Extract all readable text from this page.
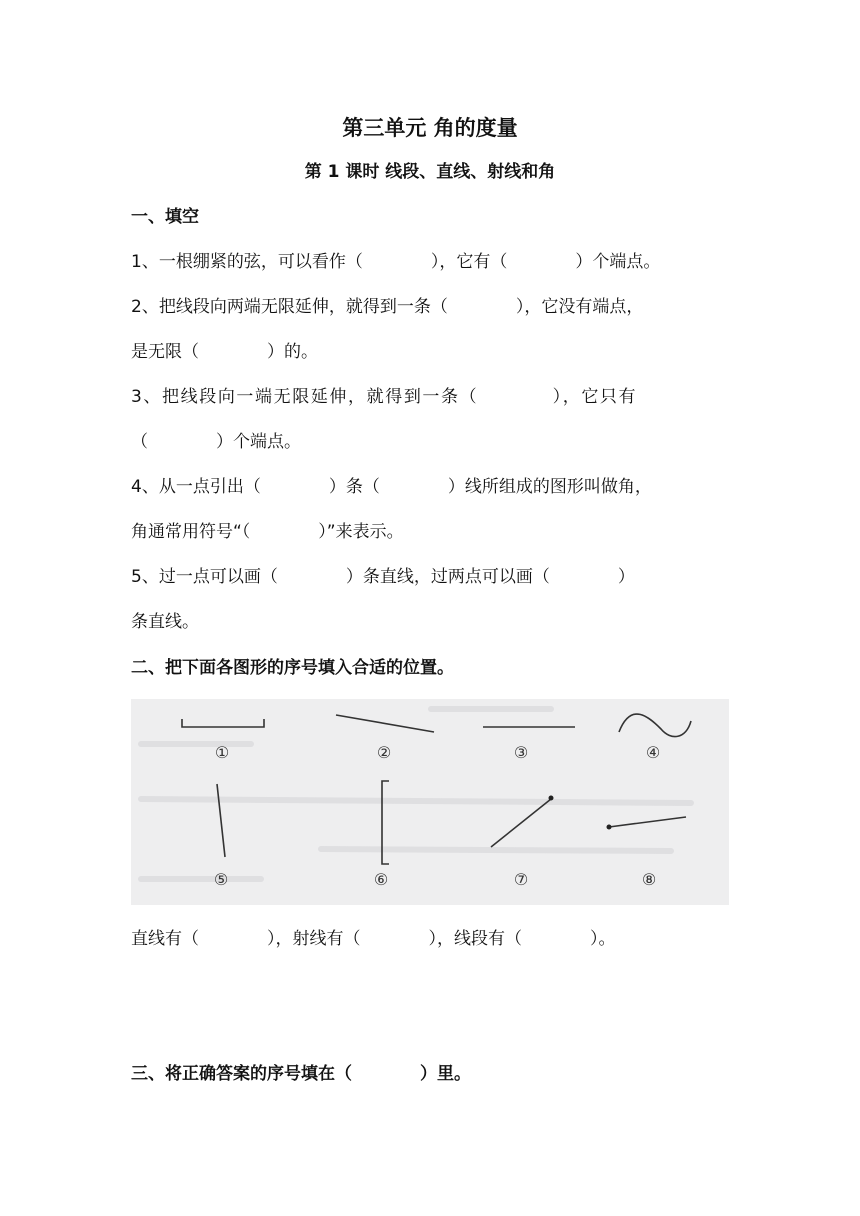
第三单元 角的度量
第 1 课时 线段、直线、射线和角
一、填空
1、一根绷紧的弦，可以看作（　　　　），它有（　　　　）个端点。
2、把线段向两端无限延伸，就得到一条（　　　　），它没有端点，
是无限（　　　　）的。
3、把线段向一端无限延伸，就得到一条（　　　　），它只有
（　　　　）个端点。
4、从一点引出（　　　　）条（　　　　）线所组成的图形叫做角，
角通常用符号“（　　　　）”来表示。
5、过一点可以画（　　　　）条直线，过两点可以画（　　　　）
条直线。
二、把下面各图形的序号填入合适的位置。
①	②	③	④
⑤	⑥	⑦	⑧
直线有（　　　　），射线有（　　　　），线段有（　　　　）。
三、将正确答案的序号填在（　　　　）里。
